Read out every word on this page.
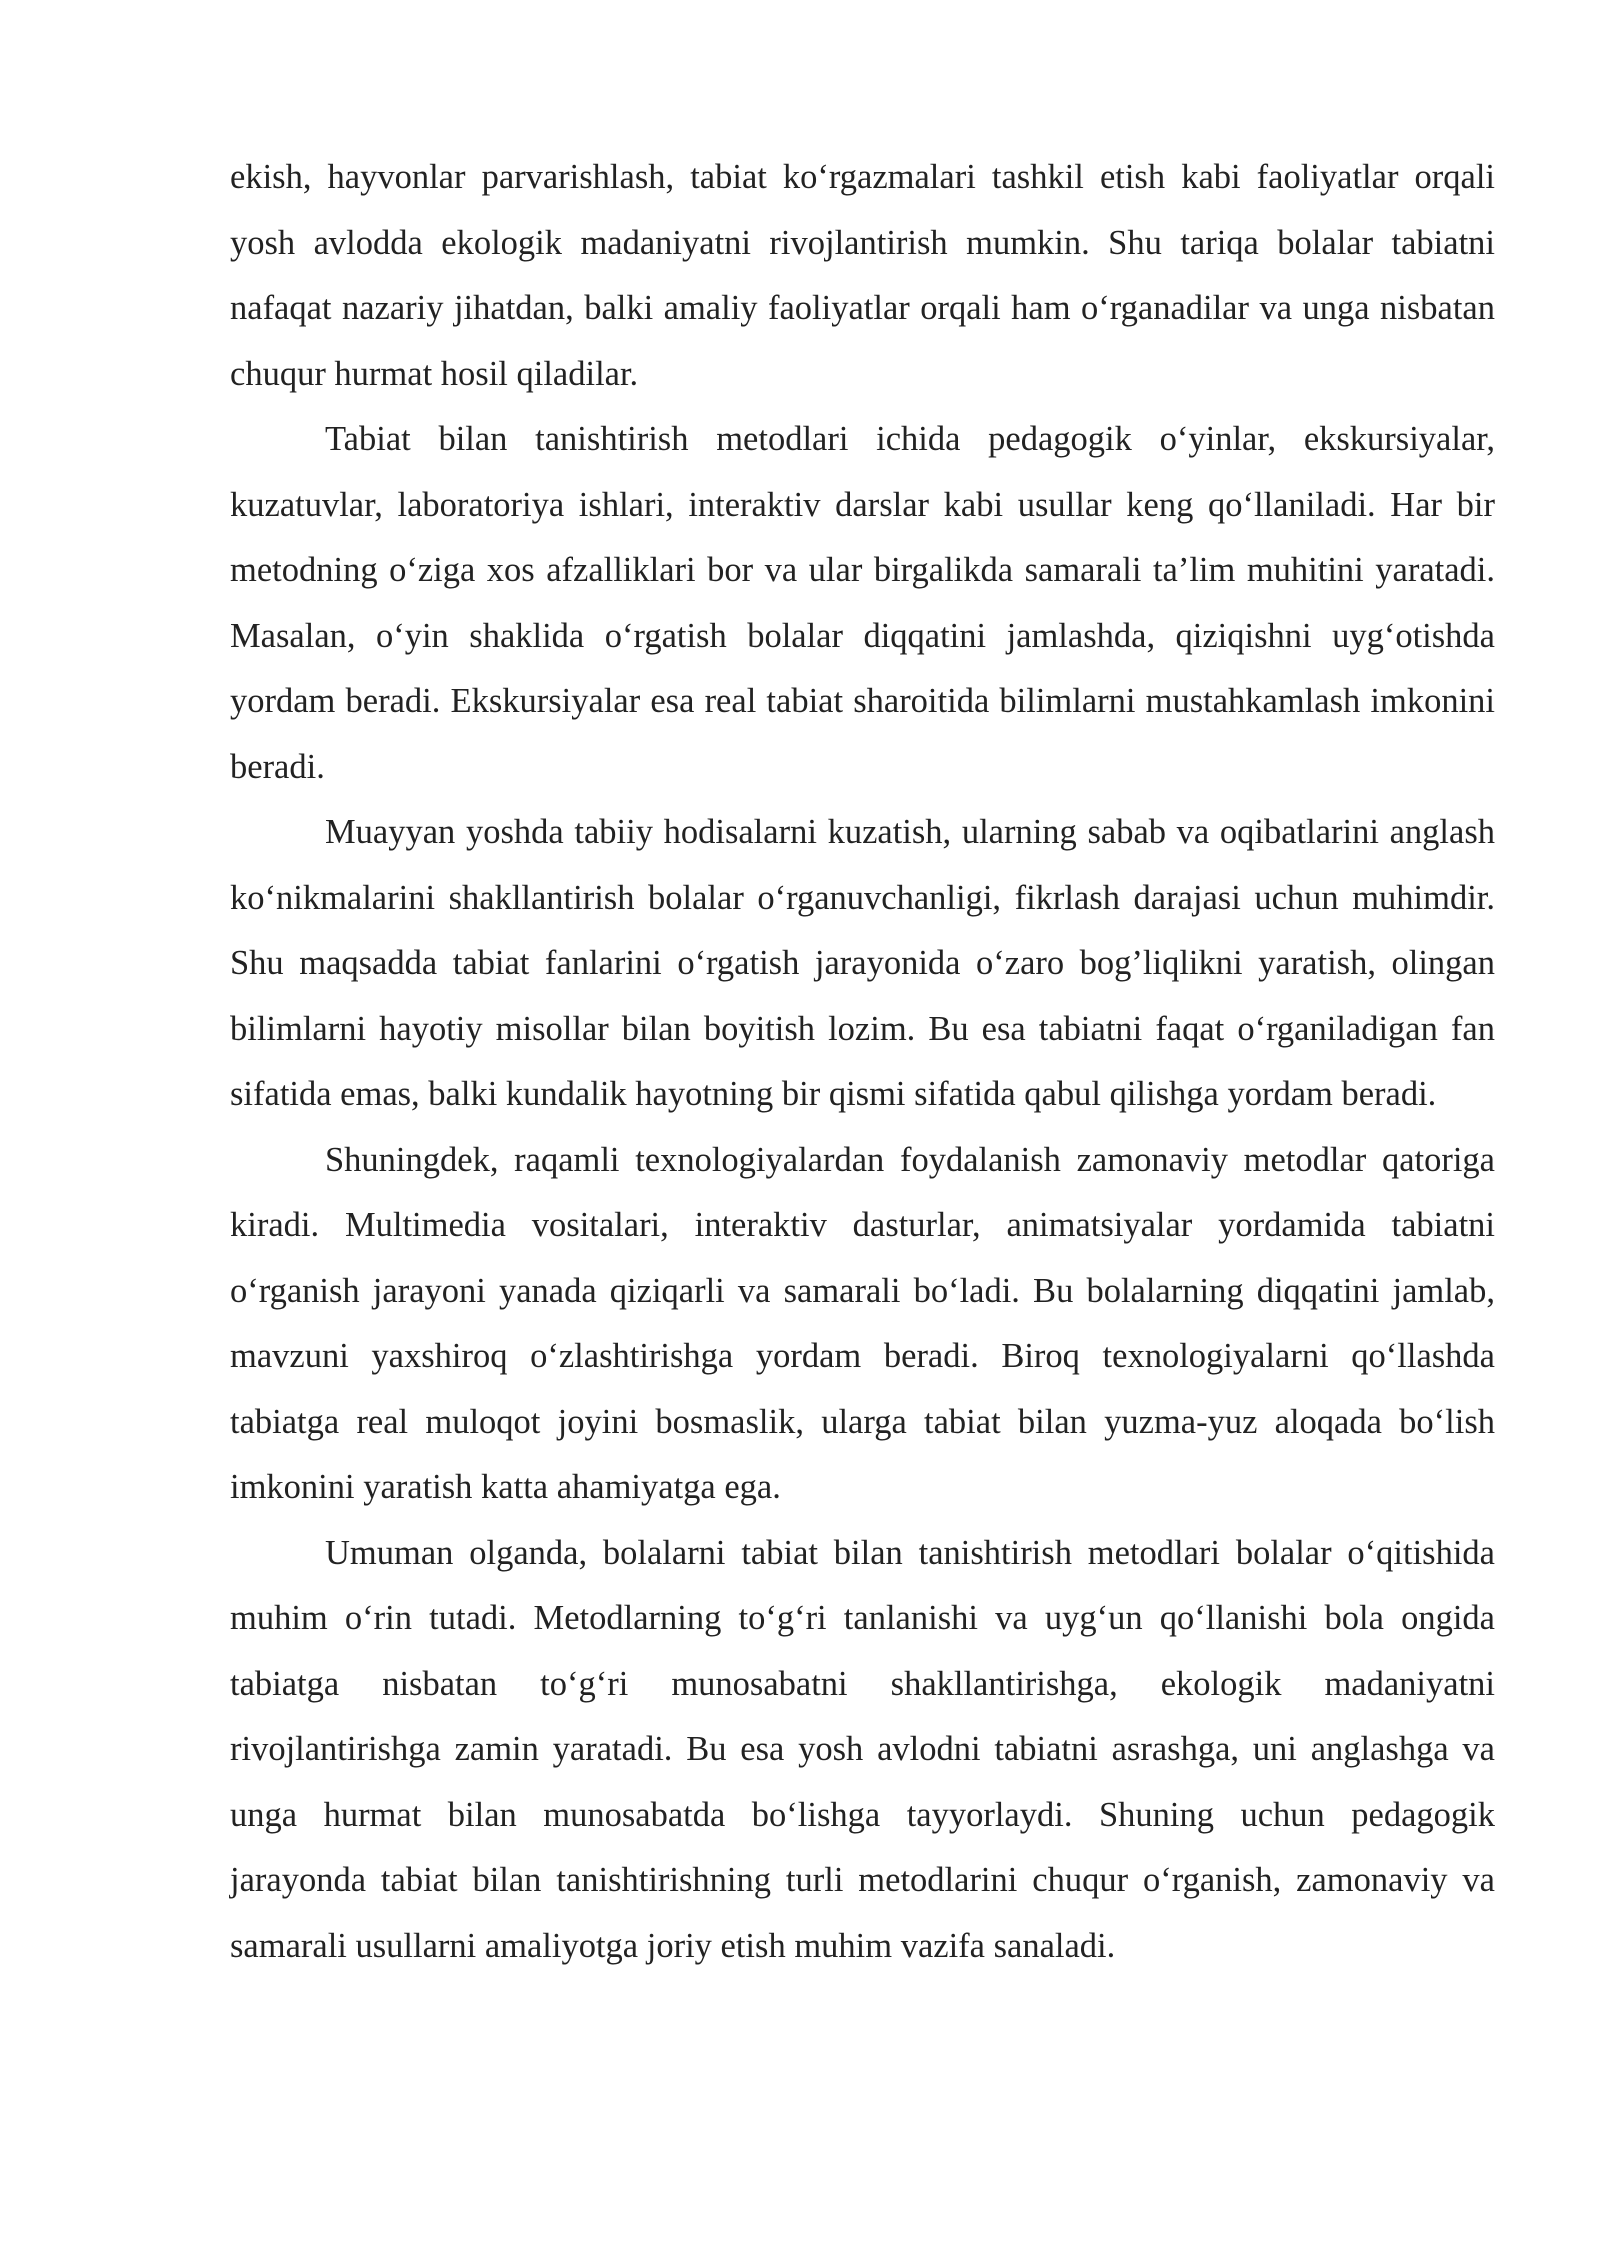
ekish, hayvonlar parvarishlash, tabiat ko‘rgazmalari tashkil etish kabi faoliyatlar orqali yosh avlodda ekologik madaniyatni rivojlantirish mumkin. Shu tariqa bolalar tabiatni nafaqat nazariy jihatdan, balki amaliy faoliyatlar orqali ham o‘rganadilar va unga nisbatan chuqur hurmat hosil qiladilar.

Tabiat bilan tanishtirish metodlari ichida pedagogik o‘yinlar, ekskursiyalar, kuzatuvlar, laboratoriya ishlari, interaktiv darslar kabi usullar keng qo‘llaniladi. Har bir metodning o‘ziga xos afzalliklari bor va ular birgalikda samarali ta’lim muhitini yaratadi. Masalan, o‘yin shaklida o‘rgatish bolalar diqqatini jamlashda, qiziqishni uyg‘otishda yordam beradi. Ekskursiyalar esa real tabiat sharoitida bilimlarni mustahkamlash imkonini beradi.

Muayyan yoshda tabiiy hodisalarni kuzatish, ularning sabab va oqibatlarini anglash ko‘nikmalarini shakllantirish bolalar o‘rganuvchanligi, fikrlash darajasi uchun muhimdir. Shu maqsadda tabiat fanlarini o‘rgatish jarayonida o‘zaro bog’liqlikni yaratish, olingan bilimlarni hayotiy misollar bilan boyitish lozim. Bu esa tabiatni faqat o‘rganiladigan fan sifatida emas, balki kundalik hayotning bir qismi sifatida qabul qilishga yordam beradi.

Shuningdek, raqamli texnologiyalardan foydalanish zamonaviy metodlar qatoriga kiradi. Multimedia vositalari, interaktiv dasturlar, animatsiyalar yordamida tabiatni o‘rganish jarayoni yanada qiziqarli va samarali bo‘ladi. Bu bolalarning diqqatini jamlab, mavzuni yaxshiroq o‘zlashtirishga yordam beradi. Biroq texnologiyalarni qo‘llashda tabiatga real muloqot joyini bosmaslik, ularga tabiat bilan yuzma-yuz aloqada bo‘lish imkonini yaratish katta ahamiyatga ega.

Umuman olganda, bolalarni tabiat bilan tanishtirish metodlari bolalar o‘qitishida muhim o‘rin tutadi. Metodlarning to‘g‘ri tanlanishi va uyg‘un qo‘llanishi bola ongida tabiatga nisbatan to‘g‘ri munosabatni shakllantirishga, ekologik madaniyatni rivojlantirishga zamin yaratadi. Bu esa yosh avlodni tabiatni asrashga, uni anglashga va unga hurmat bilan munosabatda bo‘lishga tayyorlaydi. Shuning uchun pedagogik jarayonda tabiat bilan tanishtirishning turli metodlarini chuqur o‘rganish, zamonaviy va samarali usullarni amaliyotga joriy etish muhim vazifa sanaladi.
